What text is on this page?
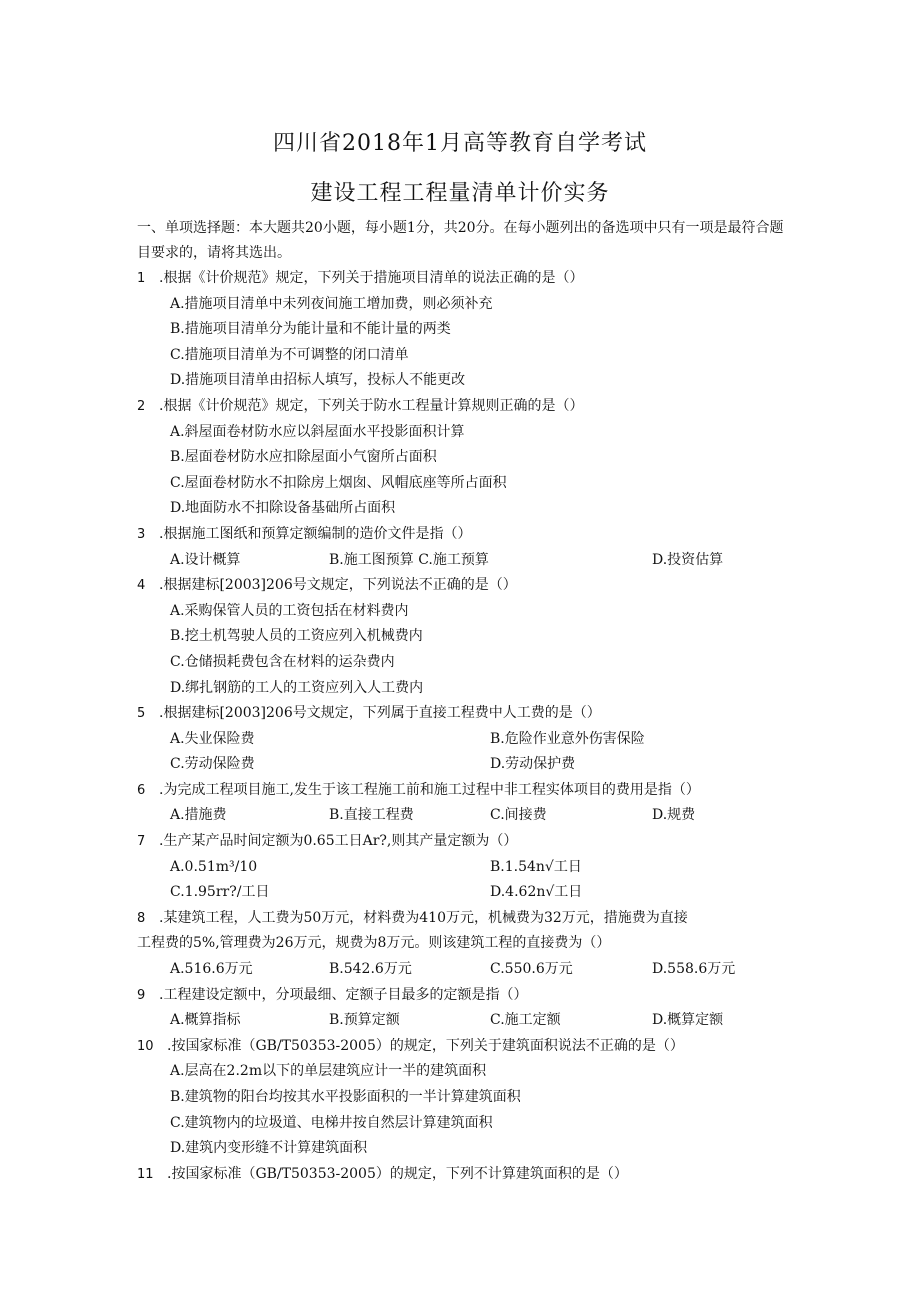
四川省2018年1月高等教育自学考试
建设工程工程量清单计价实务
一、单项选择题：本大题共20小题，每小题1分，共20分。在每小题列出的备选项中只有一项是最符合题目要求的，请将其选出。
1 .根据《计价规范》规定，下列关于措施项目清单的说法正确的是（）
A.措施项目清单中未列夜间施工增加费，则必须补充
B.措施项目清单分为能计量和不能计量的两类
C.措施项目清单为不可调整的闭口清单
D.措施项目清单由招标人填写，投标人不能更改
2 .根据《计价规范》规定，下列关于防水工程量计算规则正确的是（）
A.斜屋面卷材防水应以斜屋面水平投影面积计算
B.屋面卷材防水应扣除屋面小气窗所占面积
C.屋面卷材防水不扣除房上烟囱、风帽底座等所占面积
D.地面防水不扣除设备基础所占面积
3 .根据施工图纸和预算定额编制的造价文件是指（）
A.设计概算	B.施工图预算 C.施工预算	D.投资估算
4 .根据建标[2003]206号文规定，下列说法不正确的是（）
A.采购保管人员的工资包括在材料费内
B.挖土机驾驶人员的工资应列入机械费内
C.仓储损耗费包含在材料的运杂费内
D.绑扎钢筋的工人的工资应列入人工费内
5 .根据建标[2003]206号文规定，下列属于直接工程费中人工费的是（）
A.失业保险费	B.危险作业意外伤害保险
C.劳动保险费	D.劳动保护费
6 .为完成工程项目施工,发生于该工程施工前和施工过程中非工程实体项目的费用是指（）
A.措施费	B.直接工程费	C.间接费	D.规费
7 .生产某产品时间定额为0.65工日Ar?,则其产量定额为（）
A.0.51m³/10	B.1.54n√工日
C.1.95rr?/工日	D.4.62n√工日
8 .某建筑工程，人工费为50万元，材料费为410万元，机械费为32万元，措施费为直接
工程费的5%,管理费为26万元，规费为8万元。则该建筑工程的直接费为（）
A.516.6万元	B.542.6万元	C.550.6万元	D.558.6万元
9 .工程建设定额中，分项最细、定额子目最多的定额是指（）
A.概算指标	B.预算定额	C.施工定额	D.概算定额
10 .按国家标准（GB/T50353-2005）的规定，下列关于建筑面积说法不正确的是（）
A.层高在2.2m以下的单层建筑应计一半的建筑面积
B.建筑物的阳台均按其水平投影面积的一半计算建筑面积
C.建筑物内的垃圾道、电梯井按自然层计算建筑面积
D.建筑内变形缝不计算建筑面积
11 .按国家标准（GB/T50353-2005）的规定，下列不计算建筑面积的是（）
